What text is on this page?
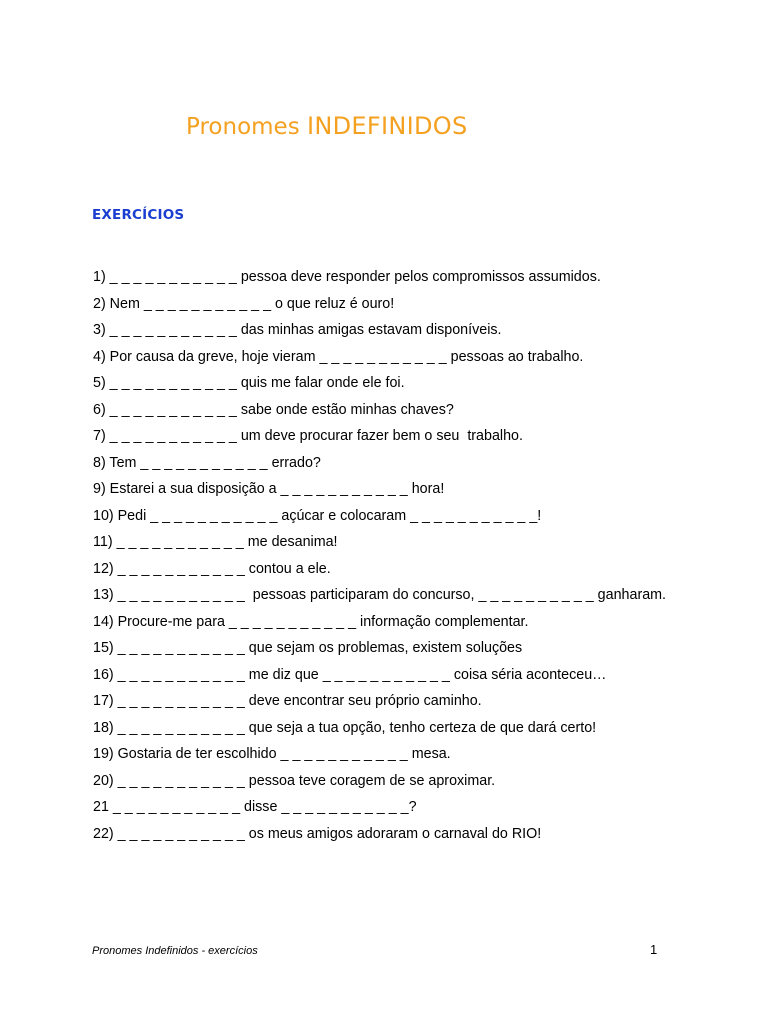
Pronomes INDEFINIDOS
EXERCÍCIOS
1) _ _ _ _ _ _ _ _ _ _ _ pessoa deve responder pelos compromissos assumidos.
2) Nem _ _ _ _ _ _ _ _ _ _ _ o que reluz é ouro!
3) _ _ _ _ _ _ _ _ _ _ _ das minhas amigas estavam disponíveis.
4) Por causa da greve, hoje vieram _ _ _ _ _ _ _ _ _ _ _ pessoas ao trabalho.
5) _ _ _ _ _ _ _ _ _ _ _ quis me falar onde ele foi.
6) _ _ _ _ _ _ _ _ _ _ _ sabe onde estão minhas chaves?
7) _ _ _ _ _ _ _ _ _ _ _ um deve procurar fazer bem o seu  trabalho.
8) Tem _ _ _ _ _ _ _ _ _ _ _ errado?
9) Estarei a sua disposição a _ _ _ _ _ _ _ _ _ _ _ hora!
10) Pedi _ _ _ _ _ _ _ _ _ _ _ açúcar e colocaram _ _ _ _ _ _ _ _ _ _ _!
11) _ _ _ _ _ _ _ _ _ _ _ me desanima!
12) _ _ _ _ _ _ _ _ _ _ _ contou a ele.
13) _ _ _ _ _ _ _ _ _ _ _  pessoas participaram do concurso, _ _ _ _ _ _ _ _ _ _ ganharam.
14) Procure-me para _ _ _ _ _ _ _ _ _ _ _ informação complementar.
15) _ _ _ _ _ _ _ _ _ _ _ que sejam os problemas, existem soluções
16) _ _ _ _ _ _ _ _ _ _ _ me diz que _ _ _ _ _ _ _ _ _ _ _ coisa séria aconteceu…
17) _ _ _ _ _ _ _ _ _ _ _ deve encontrar seu próprio caminho.
18) _ _ _ _ _ _ _ _ _ _ _ que seja a tua opção, tenho certeza de que dará certo!
19) Gostaria de ter escolhido _ _ _ _ _ _ _ _ _ _ _ mesa.
20) _ _ _ _ _ _ _ _ _ _ _ pessoa teve coragem de se aproximar.
21 _ _ _ _ _ _ _ _ _ _ _ disse _ _ _ _ _ _ _ _ _ _ _?
22) _ _ _ _ _ _ _ _ _ _ _ os meus amigos adoraram o carnaval do RIO!
Pronomes Indefinidos - exercícios	1
